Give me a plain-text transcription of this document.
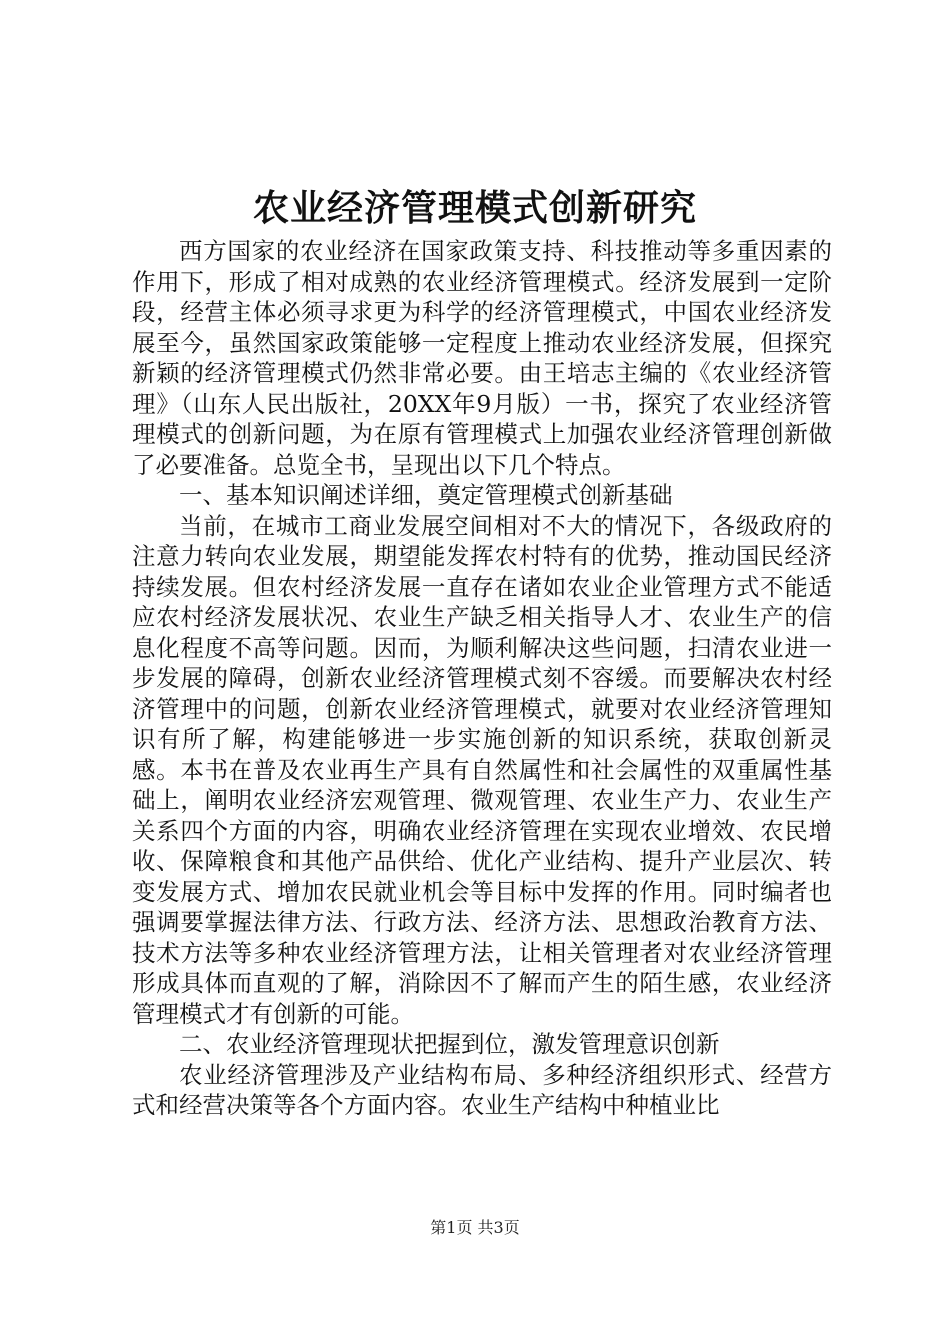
农业经济管理模式创新研究

西方国家的农业经济在国家政策支持、科技推动等多重因素的作用下，形成了相对成熟的农业经济管理模式。经济发展到一定阶段，经营主体必须寻求更为科学的经济管理模式，中国农业经济发展至今，虽然国家政策能够一定程度上推动农业经济发展，但探究新颖的经济管理模式仍然非常必要。由王培志主编的《农业经济管理》（山东人民出版社，20XX年9月版）一书，探究了农业经济管理模式的创新问题，为在原有管理模式上加强农业经济管理创新做了必要准备。总览全书，呈现出以下几个特点。

一、基本知识阐述详细，奠定管理模式创新基础

当前，在城市工商业发展空间相对不大的情况下，各级政府的注意力转向农业发展，期望能发挥农村特有的优势，推动国民经济持续发展。但农村经济发展一直存在诸如农业企业管理方式不能适应农村经济发展状况、农业生产缺乏相关指导人才、农业生产的信息化程度不高等问题。因而，为顺利解决这些问题，扫清农业进一步发展的障碍，创新农业经济管理模式刻不容缓。而要解决农村经济管理中的问题，创新农业经济管理模式，就要对农业经济管理知识有所了解，构建能够进一步实施创新的知识系统，获取创新灵感。本书在普及农业再生产具有自然属性和社会属性的双重属性基础上，阐明农业经济宏观管理、微观管理、农业生产力、农业生产关系四个方面的内容，明确农业经济管理在实现农业增效、农民增收、保障粮食和其他产品供给、优化产业结构、提升产业层次、转变发展方式、增加农民就业机会等目标中发挥的作用。同时编者也强调要掌握法律方法、行政方法、经济方法、思想政治教育方法、技术方法等多种农业经济管理方法，让相关管理者对农业经济管理形成具体而直观的了解，消除因不了解而产生的陌生感，农业经济管理模式才有创新的可能。

二、农业经济管理现状把握到位，激发管理意识创新

农业经济管理涉及产业结构布局、多种经济组织形式、经营方式和经营决策等各个方面内容。农业生产结构中种植业比

第1页 共3页
